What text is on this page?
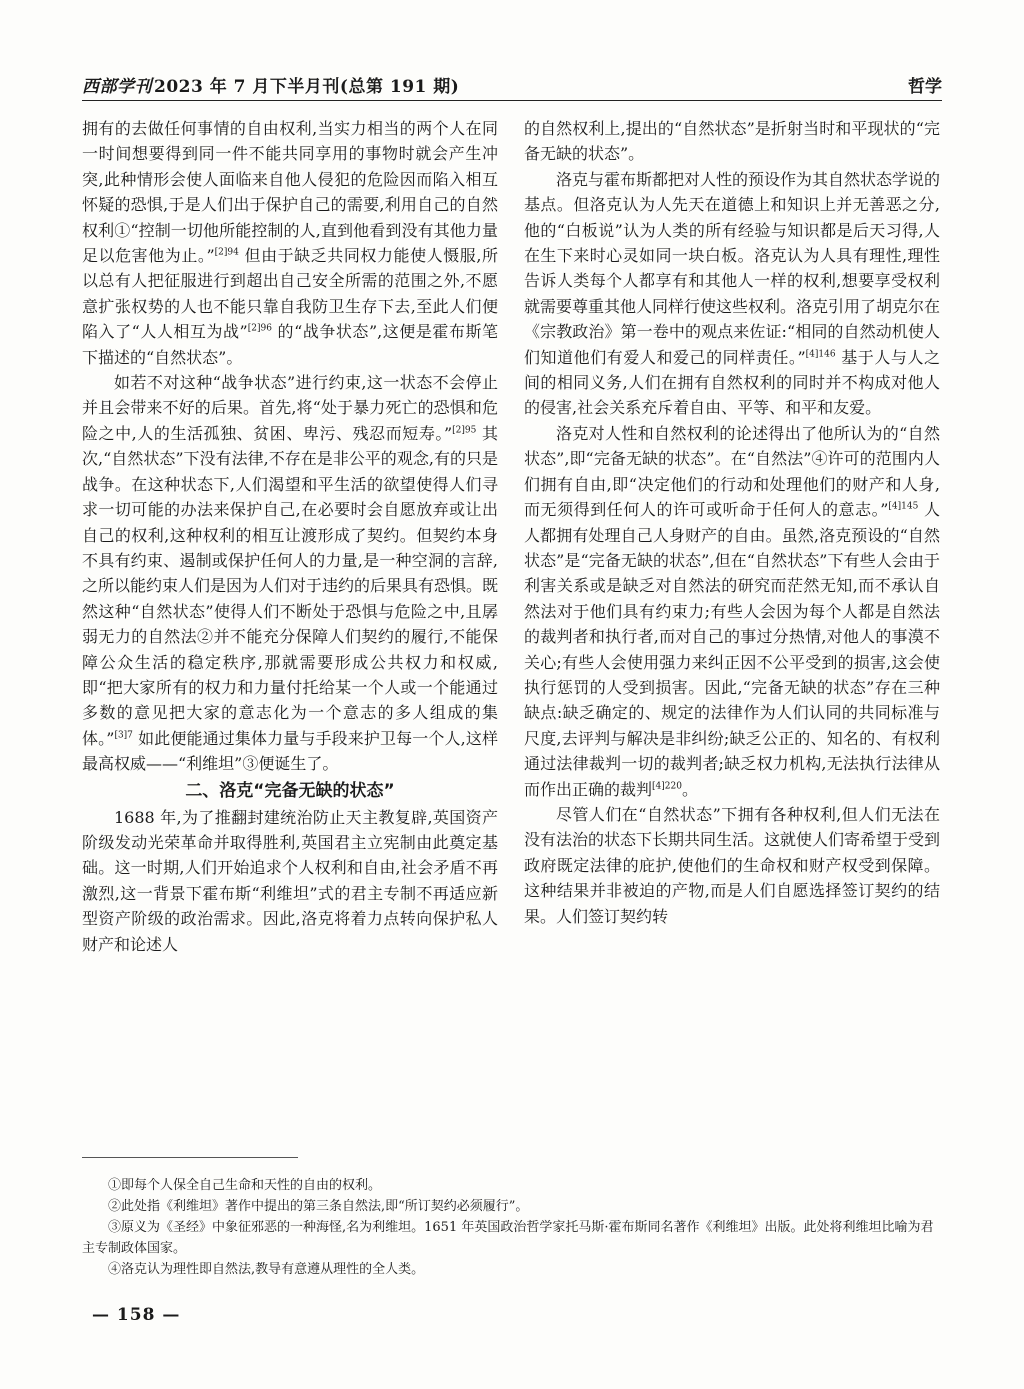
西部学刊 2023 年 7 月下半月刊(总第 191 期)	哲学

拥有的去做任何事情的自由权利,当实力相当的两个人在同一时间想要得到同一件不能共同享用的事物时就会产生冲突,此种情形会使人面临来自他人侵犯的危险因而陷入相互怀疑的恐惧,于是人们出于保护自己的需要,利用自己的自然权利①“控制一切他所能控制的人,直到他看到没有其他力量足以危害他为止。”$^{[2]94}$ 但由于缺乏共同权力能使人慑服,所以总有人把征服进行到超出自己安全所需的范围之外,不愿意扩张权势的人也不能只靠自我防卫生存下去,至此人们便陷入了“人人相互为战”$^{[2]96}$ 的“战争状态”,这便是霍布斯笔下描述的“自然状态”。

如若不对这种“战争状态”进行约束,这一状态不会停止并且会带来不好的后果。首先,将“处于暴力死亡的恐惧和危险之中,人的生活孤独、贫困、卑污、残忍而短寿。”$^{[2]95}$ 其次,“自然状态”下没有法律,不存在是非公平的观念,有的只是战争。在这种状态下,人们渴望和平生活的欲望使得人们寻求一切可能的办法来保护自己,在必要时会自愿放弃或让出自己的权利,这种权利的相互让渡形成了契约。但契约本身不具有约束、遏制或保护任何人的力量,是一种空洞的言辞,之所以能约束人们是因为人们对于违约的后果具有恐惧。既然这种“自然状态”使得人们不断处于恐惧与危险之中,且孱弱无力的自然法②并不能充分保障人们契约的履行,不能保障公众生活的稳定秩序,那就需要形成公共权力和权威,即“把大家所有的权力和力量付托给某一个人或一个能通过多数的意见把大家的意志化为一个意志的多人组成的集体。”$^{[3]7}$ 如此便能通过集体力量与手段来护卫每一个人,这样最高权威——“利维坦”③便诞生了。

二、洛克“完备无缺的状态”

1688 年,为了推翻封建统治防止天主教复辟,英国资产阶级发动光荣革命并取得胜利,英国君主立宪制由此奠定基础。这一时期,人们开始追求个人权利和自由,社会矛盾不再激烈,这一背景下霍布斯“利维坦”式的君主专制不再适应新型资产阶级的政治需求。因此,洛克将着力点转向保护私人财产和论述人

的自然权利上,提出的“自然状态”是折射当时和平现状的“完备无缺的状态”。

洛克与霍布斯都把对人性的预设作为其自然状态学说的基点。但洛克认为人先天在道德上和知识上并无善恶之分,他的“白板说”认为人类的所有经验与知识都是后天习得,人在生下来时心灵如同一块白板。洛克认为人具有理性,理性告诉人类每个人都享有和其他人一样的权利,想要享受权利就需要尊重其他人同样行使这些权利。洛克引用了胡克尔在《宗教政治》第一卷中的观点来佐证:“相同的自然动机使人们知道他们有爱人和爱己的同样责任。”$^{[4]146}$ 基于人与人之间的相同义务,人们在拥有自然权利的同时并不构成对他人的侵害,社会关系充斥着自由、平等、和平和友爱。

洛克对人性和自然权利的论述得出了他所认为的“自然状态”,即“完备无缺的状态”。在“自然法”④许可的范围内人们拥有自由,即“决定他们的行动和处理他们的财产和人身,而无须得到任何人的许可或听命于任何人的意志。”$^{[4]145}$ 人人都拥有处理自己人身财产的自由。虽然,洛克预设的“自然状态”是“完备无缺的状态”,但在“自然状态”下有些人会由于利害关系或是缺乏对自然法的研究而茫然无知,而不承认自然法对于他们具有约束力;有些人会因为每个人都是自然法的裁判者和执行者,而对自己的事过分热情,对他人的事漠不关心;有些人会使用强力来纠正因不公平受到的损害,这会使执行惩罚的人受到损害。因此,“完备无缺的状态”存在三种缺点:缺乏确定的、规定的法律作为人们认同的共同标准与尺度,去评判与解决是非纠纷;缺乏公正的、知名的、有权利通过法律裁判一切的裁判者;缺乏权力机构,无法执行法律从而作出正确的裁判$^{[4]220}$。

尽管人们在“自然状态”下拥有各种权利,但人们无法在没有法治的状态下长期共同生活。这就使人们寄希望于受到政府既定法律的庇护,使他们的生命权和财产权受到保障。这种结果并非被迫的产物,而是人们自愿选择签订契约的结果。人们签订契约转

①即每个人保全自己生命和天性的自由的权利。

②此处指《利维坦》著作中提出的第三条自然法,即“所订契约必须履行”。

③原义为《圣经》中象征邪恶的一种海怪,名为利维坦。1651 年英国政治哲学家托马斯·霍布斯同名著作《利维坦》出版。此处将利维坦比喻为君主专制政体国家。

④洛克认为理性即自然法,教导有意遵从理性的全人类。

— 158 —
